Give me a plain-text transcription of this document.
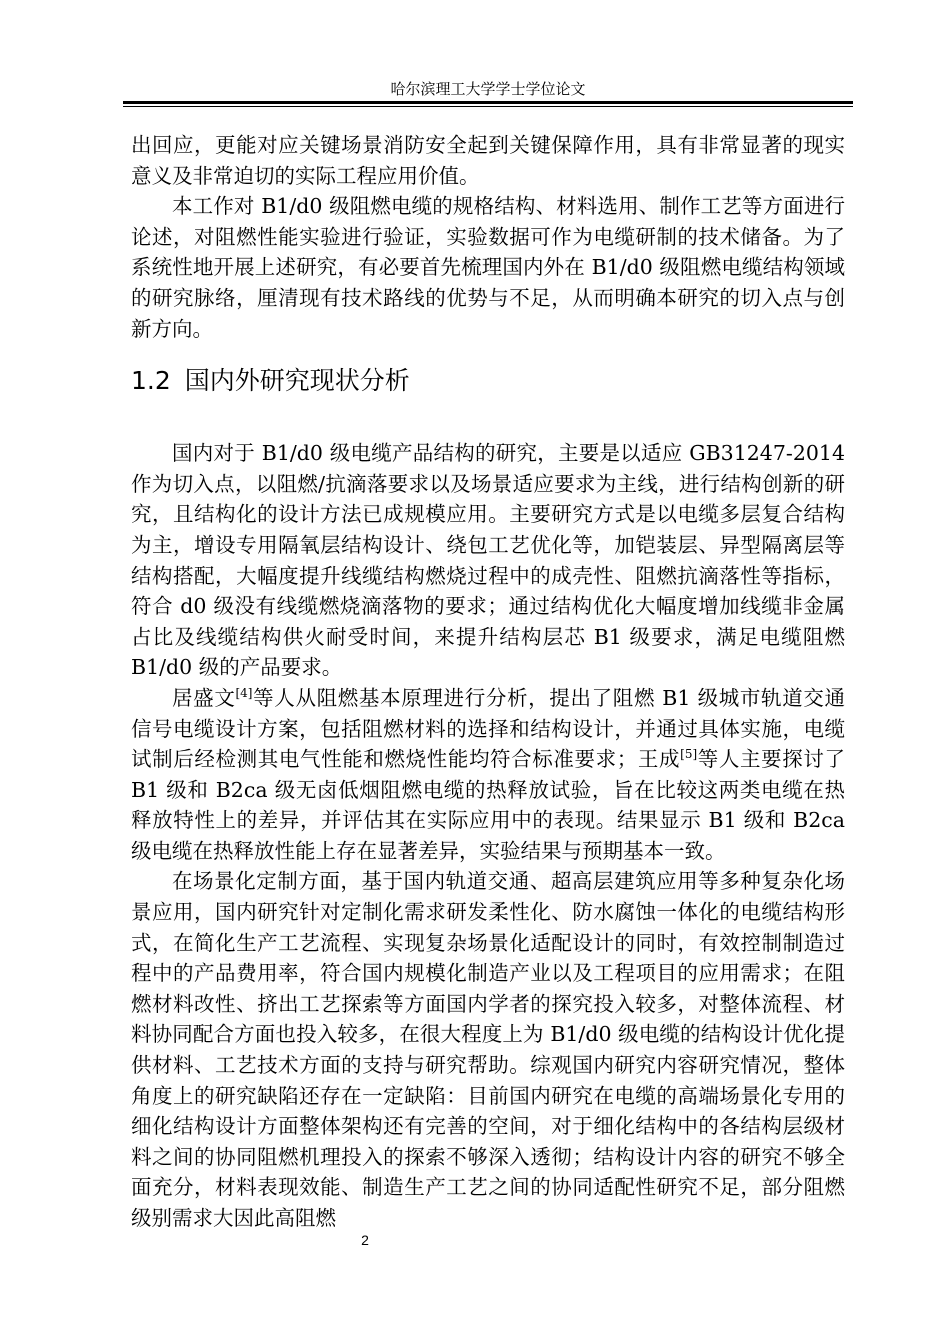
哈尔滨理工大学学士学位论文

出回应，更能对应关键场景消防安全起到关键保障作用，具有非常显著的现实意义及非常迫切的实际工程应用价值。

本工作对 B1/d0 级阻燃电缆的规格结构、材料选用、制作工艺等方面进行论述，对阻燃性能实验进行验证，实验数据可作为电缆研制的技术储备。为了系统性地开展上述研究，有必要首先梳理国内外在 B1/d0 级阻燃电缆结构领域的研究脉络，厘清现有技术路线的优势与不足，从而明确本研究的切入点与创新方向。

1.2 国内外研究现状分析

国内对于 B1/d0 级电缆产品结构的研究，主要是以适应 GB31247-2014 作为切入点，以阻燃/抗滴落要求以及场景适应要求为主线，进行结构创新的研究，且结构化的设计方法已成规模应用。主要研究方式是以电缆多层复合结构为主，增设专用隔氧层结构设计、绕包工艺优化等，加铠装层、异型隔离层等结构搭配，大幅度提升线缆结构燃烧过程中的成壳性、阻燃抗滴落性等指标，符合 d0 级没有线缆燃烧滴落物的要求；通过结构优化大幅度增加线缆非金属占比及线缆结构供火耐受时间，来提升结构层芯 B1 级要求，满足电缆阻燃 B1/d0 级的产品要求。

居盛文[4]等人从阻燃基本原理进行分析，提出了阻燃 B1 级城市轨道交通信号电缆设计方案，包括阻燃材料的选择和结构设计，并通过具体实施，电缆试制后经检测其电气性能和燃烧性能均符合标准要求；王成[5]等人主要探讨了 B1 级和 B2ca 级无卤低烟阻燃电缆的热释放试验，旨在比较这两类电缆在热释放特性上的差异，并评估其在实际应用中的表现。结果显示 B1 级和 B2ca 级电缆在热释放性能上存在显著差异，实验结果与预期基本一致。

在场景化定制方面，基于国内轨道交通、超高层建筑应用等多种复杂化场景应用，国内研究针对定制化需求研发柔性化、防水腐蚀一体化的电缆结构形式，在简化生产工艺流程、实现复杂场景化适配设计的同时，有效控制制造过程中的产品费用率，符合国内规模化制造产业以及工程项目的应用需求；在阻燃材料改性、挤出工艺探索等方面国内学者的探究投入较多，对整体流程、材料协同配合方面也投入较多，在很大程度上为 B1/d0 级电缆的结构设计优化提供材料、工艺技术方面的支持与研究帮助。综观国内研究内容研究情况，整体角度上的研究缺陷还存在一定缺陷：目前国内研究在电缆的高端场景化专用的细化结构设计方面整体架构还有完善的空间，对于细化结构中的各结构层级材料之间的协同阻燃机理投入的探索不够深入透彻；结构设计内容的研究不够全面充分，材料表现效能、制造生产工艺之间的协同适配性研究不足，部分阻燃级别需求大因此高阻燃

2
